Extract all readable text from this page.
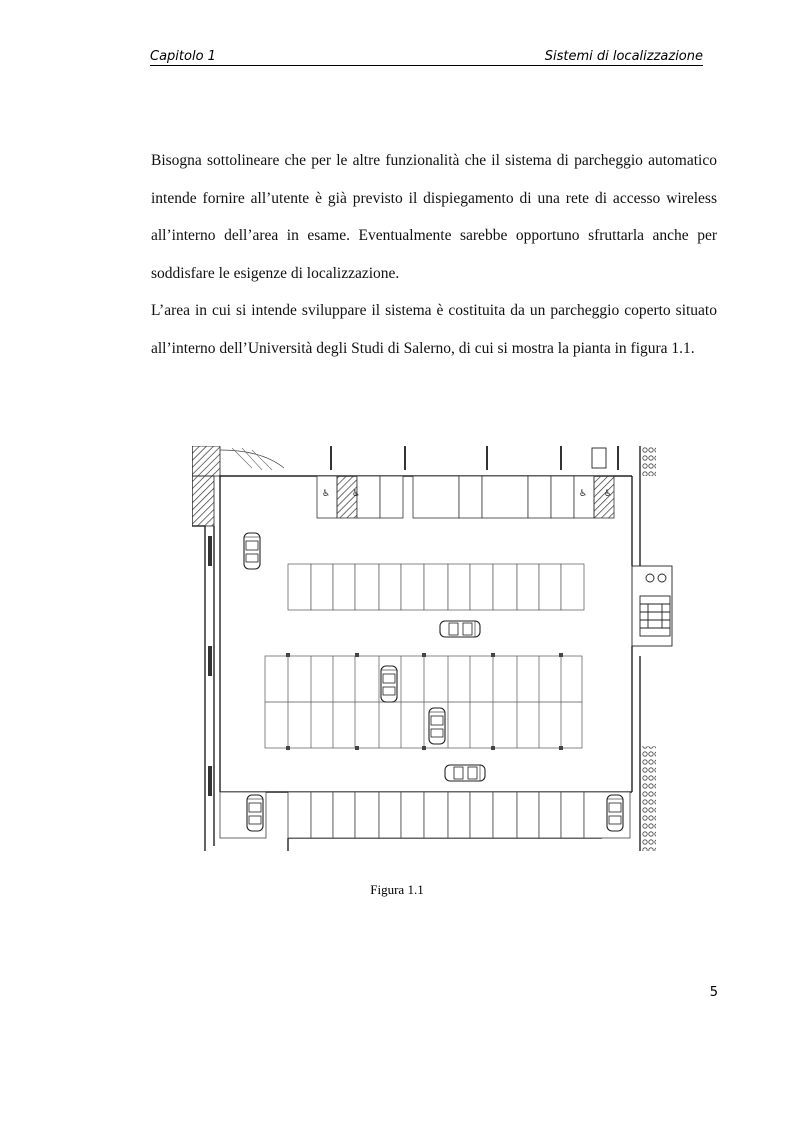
Capitolo 1	Sistemi di localizzazione

Bisogna sottolineare che per le altre funzionalità che il sistema di parcheggio automatico intende fornire all’utente è già previsto il dispiegamento di una rete di accesso wireless all’interno dell’area in esame. Eventualmente sarebbe opportuno sfruttarla anche per soddisfare le esigenze di localizzazione.

L’area in cui si intende sviluppare il sistema è costituita da un parcheggio coperto situato all’interno dell’Università degli Studi di Salerno, di cui si mostra la pianta in figura 1.1.

♿ ♿	♿ ♿
Figura 1.1
5
